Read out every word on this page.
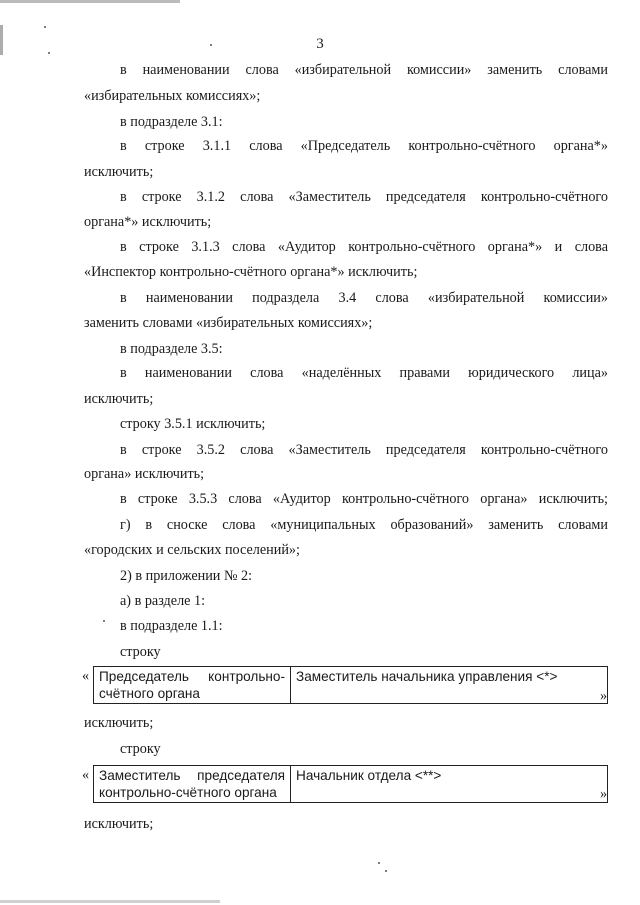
3
в наименовании слова «избирательной комиссии» заменить словами
«избирательных комиссиях»;
в подразделе 3.1:
в строке 3.1.1 слова «Председатель контрольно-счётного органа*»
исключить;
в строке 3.1.2 слова «Заместитель председателя контрольно-счётного
органа*» исключить;
в строке 3.1.3 слова «Аудитор контрольно-счётного органа*» и слова
«Инспектор контрольно-счётного органа*» исключить;
в наименовании подраздела 3.4 слова «избирательной комиссии»
заменить словами «избирательных комиссиях»;
в подразделе 3.5:
в наименовании слова «наделённых правами юридического лица»
исключить;
строку 3.5.1 исключить;
в строке 3.5.2 слова «Заместитель председателя контрольно-счётного
органа» исключить;
в строке 3.5.3 слова «Аудитор контрольно-счётного органа» исключить;
г) в сноске слова «муниципальных образований» заменить словами
«городских и сельских поселений»;
2) в приложении № 2:
а) в разделе 1:
в подразделе 1.1:
строку
« Председатель контрольно-
счётного органа	Заместитель начальника управления <*>
»
исключить;
строку
« Заместитель председателя
контрольно-счётного органа	Начальник отдела <**>
»
исключить;
